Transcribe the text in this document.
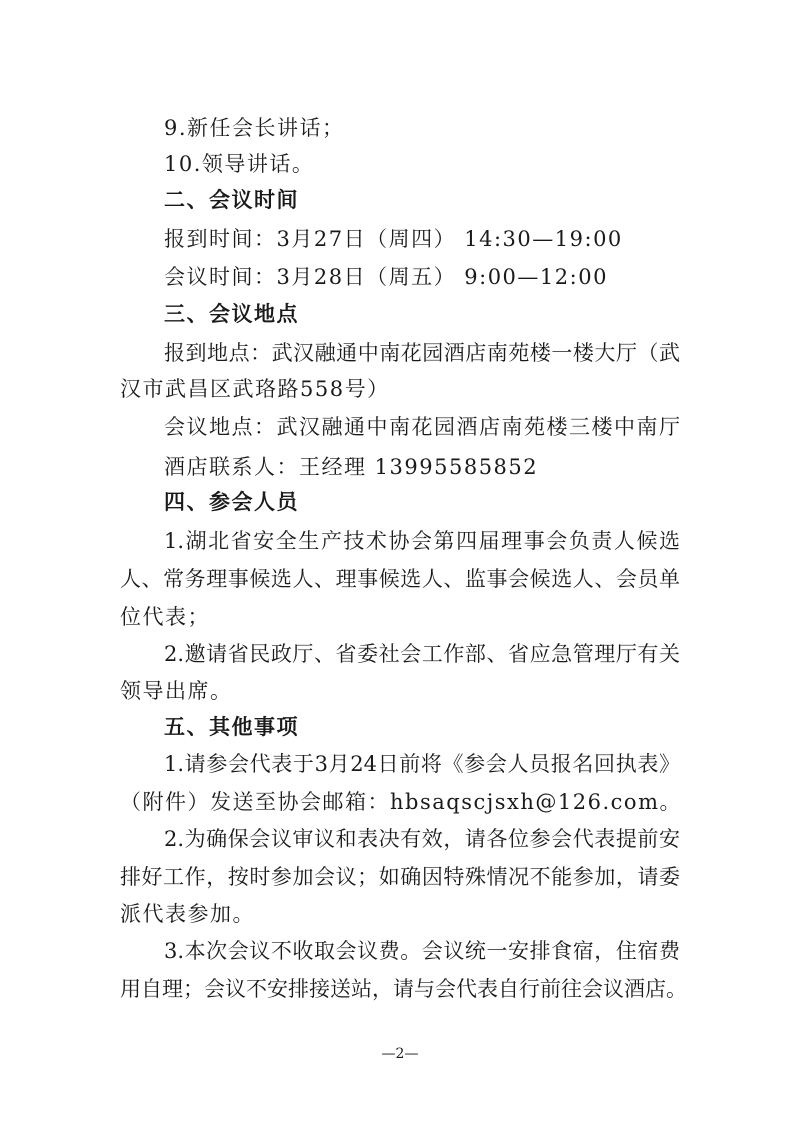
9.新任会长讲话；
10.领导讲话。
二、会议时间
报到时间：3月27日（周四） 14:30—19:00
会议时间：3月28日（周五） 9:00—12:00
三、会议地点
报到地点：武汉融通中南花园酒店南苑楼一楼大厅（武
汉市武昌区武珞路558号）
会议地点：武汉融通中南花园酒店南苑楼三楼中南厅
酒店联系人：王经理 13995585852
四、参会人员
1.湖北省安全生产技术协会第四届理事会负责人候选
人、常务理事候选人、理事候选人、监事会候选人、会员单
位代表；
2.邀请省民政厅、省委社会工作部、省应急管理厅有关
领导出席。
五、其他事项
1.请参会代表于3月24日前将《参会人员报名回执表》
（附件）发送至协会邮箱：hbsaqscjsxh@126.com。
2.为确保会议审议和表决有效，请各位参会代表提前安
排好工作，按时参加会议；如确因特殊情况不能参加，请委
派代表参加。
3.本次会议不收取会议费。会议统一安排食宿，住宿费
用自理；会议不安排接送站，请与会代表自行前往会议酒店。
—2—
